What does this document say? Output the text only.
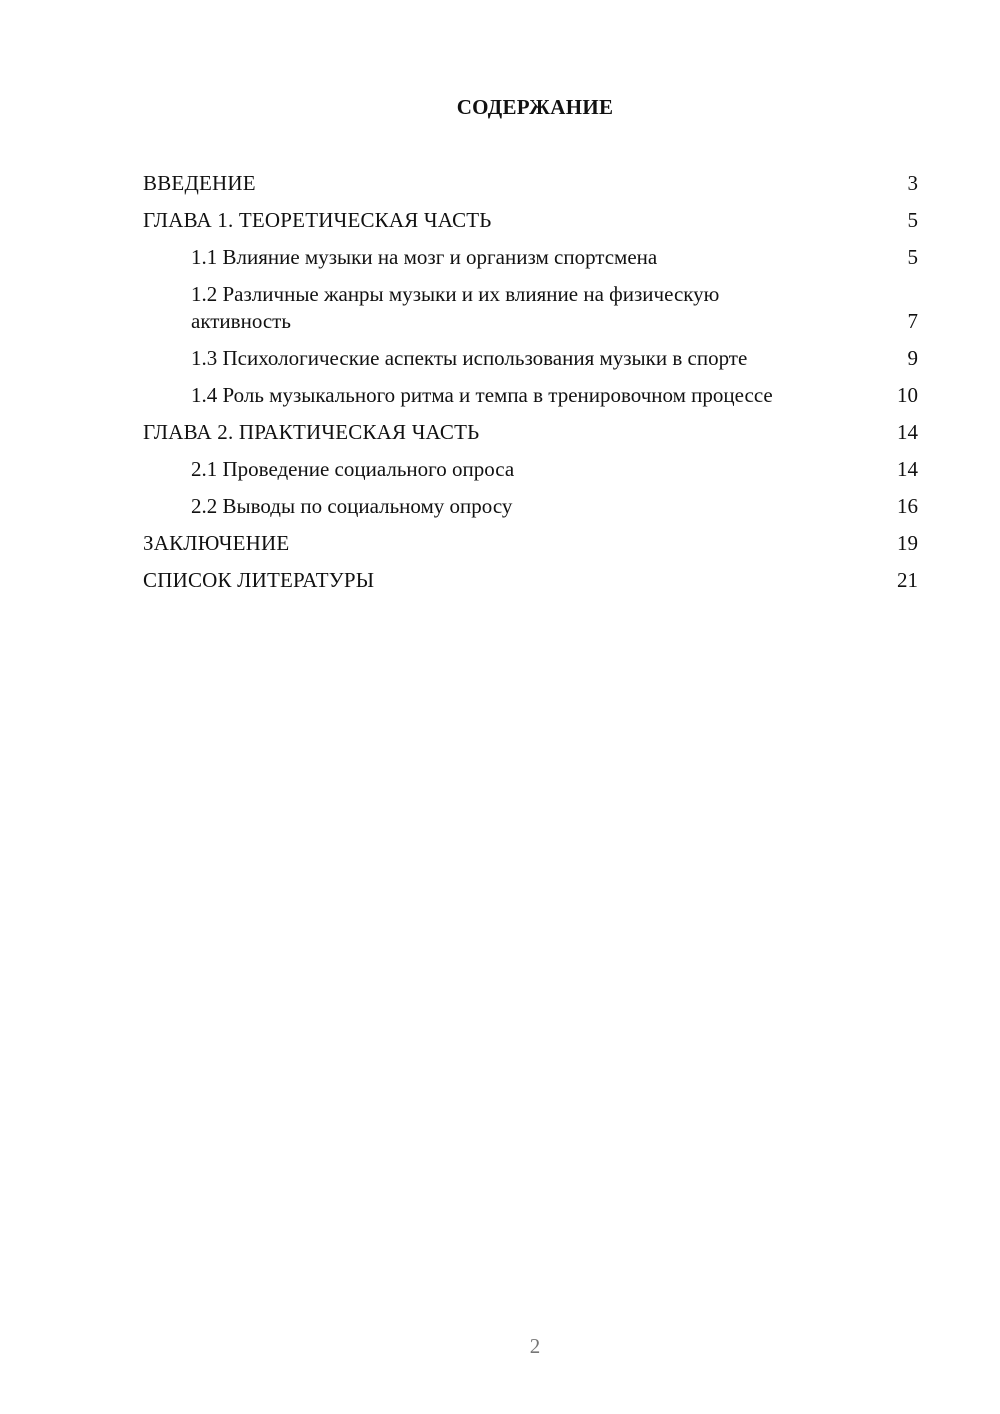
СОДЕРЖАНИЕ
ВВЕДЕНИЕ	3
ГЛАВА 1. ТЕОРЕТИЧЕСКАЯ ЧАСТЬ	5
1.1 Влияние музыки на мозг и организм спортсмена	5
1.2 Различные жанры музыки и их влияние на физическую активность	7
1.3 Психологические аспекты использования музыки в спорте	9
1.4 Роль музыкального ритма и темпа в тренировочном процессе	10
ГЛАВА 2. ПРАКТИЧЕСКАЯ ЧАСТЬ	14
2.1 Проведение социального опроса	14
2.2 Выводы по социальному опросу	16
ЗАКЛЮЧЕНИЕ	19
СПИСОК ЛИТЕРАТУРЫ	21
2
